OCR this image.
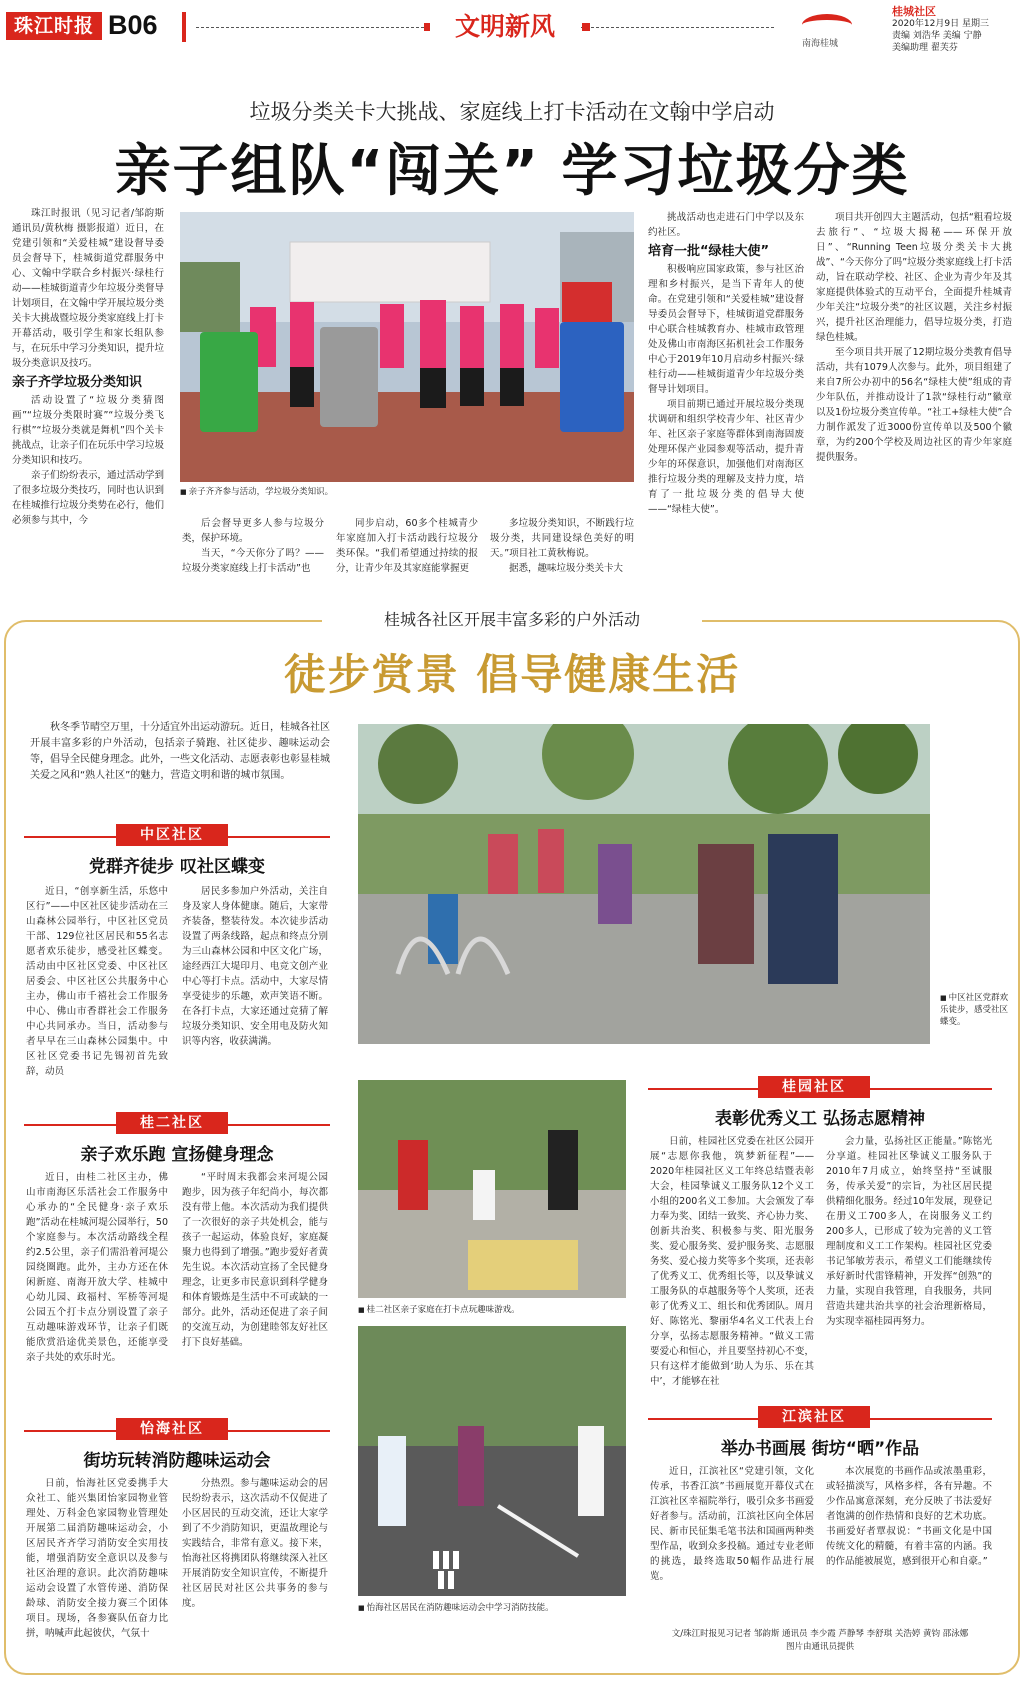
珠江时报 B06	文明新风
南海桂城
桂城社区
2020年12月9日 星期三
责编 刘浩华 美编 宁静
美编助理 翟芙芬
垃圾分类关卡大挑战、家庭线上打卡活动在文翰中学启动
亲子组队“闯关” 学习垃圾分类

珠江时报讯（见习记者/邹韵斯 通讯员/黄秋梅 摄影报道）近日，在党建引领和“关爱桂城”建设督导委员会督导下，桂城街道党群服务中心、文翰中学联合乡村振兴·绿桂行动——桂城街道青少年垃圾分类督导计划项目，在文翰中学开展垃圾分类关卡大挑战暨垃圾分类家庭线上打卡开幕活动，吸引学生和家长组队参与，在玩乐中学习分类知识，提升垃圾分类意识及技巧。

亲子齐学垃圾分类知识

活动设置了“垃圾分类猜图画”“垃圾分类限时赛”“垃圾分类飞行棋”“垃圾分类就是舞机”四个关卡挑战点，让亲子们在玩乐中学习垃圾分类知识和技巧。

亲子们纷纷表示，通过活动学到了很多垃圾分类技巧，同时也认识到在桂城推行垃圾分类势在必行，他们必须参与其中，今

■ 亲子齐齐参与活动，学垃圾分类知识。

后会督导更多人参与垃圾分类，保护环境。

当天，“今天你分了吗？——垃圾分类家庭线上打卡活动”也

同步启动，60多个桂城青少年家庭加入打卡活动践行垃圾分类环保。“我们希望通过持续的报分，让青少年及其家庭能掌握更

多垃圾分类知识，不断践行垃圾分类，共同建设绿色美好的明天。”项目社工黄秋梅说。

据悉，趣味垃圾分类关卡大

挑战活动也走进石门中学以及东约社区。

培育一批“绿桂大使”

积极响应国家政策，参与社区治理和乡村振兴，是当下青年人的使命。在党建引领和“关爱桂城”建设督导委员会督导下，桂城街道党群服务中心联合桂城教育办、桂城市政管理处及佛山市南海区拓机社会工作服务中心于2019年10月启动乡村振兴·绿桂行动——桂城街道青少年垃圾分类督导计划项目。

项目前期已通过开展垃圾分类现状调研和组织学校青少年、社区青少年、社区亲子家庭等群体到南海固废处理环保产业园参观等活动，提升青少年的环保意识，加强他们对南海区推行垃圾分类的理解及支持力度，培育了一批垃圾分类的倡导大使——“绿桂大使”。

项目共开创四大主题活动，包括“粗看垃圾去旅行”、“垃圾大揭秘——环保开放日”、“Running Teen垃圾分类关卡大挑战”、“今天你分了吗”垃圾分类家庭线上打卡活动，旨在联动学校、社区、企业为青少年及其家庭提供体验式的互动平台，全面提升桂城青少年关注“垃圾分类”的社区议题，关注乡村振兴，提升社区治理能力，倡导垃圾分类，打造绿色桂城。

至今项目共开展了12期垃圾分类教育倡导活动，共有1079人次参与。此外，项目组建了来自7所公办初中的56名“绿桂大使”组成的青少年队伍，并推动设计了1款“绿桂行动”徽章以及1份垃圾分类宣传单。“社工+绿桂大使”合力制作派发了近3000份宣传单以及500个徽章，为约200个学校及周边社区的青少年家庭提供服务。

桂城各社区开展丰富多彩的户外活动
徒步赏景 倡导健康生活
秋冬季节晴空万里，十分适宜外出运动游玩。近日，桂城各社区开展丰富多彩的户外活动，包括亲子骑跑、社区徒步、趣味运动会等，倡导全民健身理念。此外，一些文化活动、志愿表彰也彰显桂城关爱之风和“熟人社区”的魅力，营造文明和谐的城市氛围。
中区社区
党群齐徒步 叹社区蝶变

近日，“创享新生活，乐悠中区行”——中区社区徒步活动在三山森林公园举行，中区社区党员干部、129位社区居民和55名志愿者欢乐徒步，感受社区蝶变。活动由中区社区党委、中区社区居委会、中区社区公共服务中心主办，佛山市千禧社会工作服务中心、佛山市香群社会工作服务中心共同承办。当日，活动参与者早早在三山森林公园集中。中区社区党委书记先锡初首先致辞，动员

居民多参加户外活动，关注自身及家人身体健康。随后，大家带齐装备，整装待发。本次徒步活动设置了两条线路，起点和终点分别为三山森林公园和中区文化广场，途经西江大堤印月、电竞文创产业中心等打卡点。活动中，大家尽情享受徒步的乐趣，欢声笑语不断。在各打卡点，大家还通过竞猜了解垃圾分类知识、安全用电及防火知识等内容，收获满满。

■ 中区社区党群欢乐徒步，感受社区蝶变。
桂二社区
亲子欢乐跑 宣扬健身理念

近日，由桂二社区主办，佛山市南海区乐活社会工作服务中心承办的“全民健身·亲子欢乐跑”活动在桂城河堤公园举行，50个家庭参与。本次活动路线全程约2.5公里，亲子们需沿着河堤公园绕圈跑。此外，主办方还在休闲新庭、南海开放大学、桂城中心幼儿园、政福村、军桥等河堤公园五个打卡点分别设置了亲子互动趣味游戏环节，让亲子们既能欣赏沿途优美景色，还能享受亲子共处的欢乐时光。

“平时周末我都会来河堤公园跑步，因为孩子年纪尚小，每次都没有带上他。本次活动为我们提供了一次很好的亲子共处机会，能与孩子一起运动，体验良好，家庭凝聚力也得到了增强。”跑步爱好者黄先生说。本次活动宣扬了全民健身理念，让更多市民意识到科学健身和体育锻炼是生活中不可或缺的一部分。此外，活动还促进了亲子间的交流互动，为创建睦邻友好社区打下良好基础。

■ 桂二社区亲子家庭在打卡点玩趣味游戏。
怡海社区
街坊玩转消防趣味运动会

日前，怡海社区党委携手大众社工、能兴集团怡家园物业管理处、万科金色家园物业管理处开展第二届消防趣味运动会，小区居民齐齐学习消防安全实用技能，增强消防安全意识以及参与社区治理的意识。此次消防趣味运动会设置了水管传递、消防保龄球、消防安全接力赛三个团体项目。现场，各参赛队伍奋力比拼，呐喊声此起彼伏，气氛十

分热烈。参与趣味运动会的居民纷纷表示，这次活动不仅促进了小区居民的互动交流，还让大家学到了不少消防知识，更温故理论与实践结合，非常有意义。接下来，怡海社区将携团队将继续深入社区开展消防安全知识宣传，不断提升社区居民对社区公共事务的参与度。

■	怡海社区居民在消防趣味运动会中学习消防技能。
桂园社区
表彰优秀义工 弘扬志愿精神

日前，桂园社区党委在社区公园开展“志愿你我他，筑梦新征程”——2020年桂园社区义工年终总结暨表彰大会，桂园挚诚义工服务队12个义工小组的200名义工参加。大会颁发了奉力奉为奖、团结一致奖、齐心协力奖、创新共治奖、积极参与奖、阳光服务奖、爱心服务奖、爱护服务奖、志愿服务奖、爱心接力奖等多个奖项，还表彰了优秀义工、优秀组长等，以及挚诚义工服务队的卓越服务等个人奖项，还表彰了优秀义工、组长和优秀团队。周月好、陈铭光、黎丽华4名义工代表上台分享，弘扬志愿服务精神。“做义工需要爱心和恒心，并且要坚持初心不变，只有这样才能做到‘助人为乐、乐在其中’，才能够在社

会力量，弘扬社区正能量。”陈铭光分享道。桂园社区挚诚义工服务队于2010年7月成立，始终坚持“至诚服务，传承关爱”的宗旨，为社区居民提供精细化服务。经过10年发展，现登记在册义工700多人，在岗服务义工约200多人，已形成了较为完善的义工管理制度和义工工作架构。桂园社区党委书记邹敏芳表示，希望义工们能继续传承好新时代雷锋精神，开发挥“创熟”的力量，实现自我管理，自我服务，共同营造共建共治共享的社会治理新格局，为实现幸福桂园再努力。

江滨社区
举办书画展 街坊“晒”作品

近日，江滨社区“党建引领，文化传承，书香江滨”书画展览开幕仪式在江滨社区幸福院举行，吸引众多书画爱好者参与。活动前，江滨社区向全体居民、新市民征集毛笔书法和国画两种类型作品，收到众多投稿。通过专业老师的挑选，最终选取50幅作品进行展览。

本次展览的书画作品或浓墨重彩，或轻描淡写，风格多样，各有异趣。不少作品寓意深刻，充分反映了书法爱好者饱满的创作热情和良好的艺术功底。书画爱好者覃叔说：“书画文化是中国传统文化的精髓，有着丰富的内涵。我的作品能被展览，感到很开心和自豪。”

文/珠江时报见习记者 邹韵斯 通讯员 李少霞 芦静琴 李舒琪 关浩婷 黄钧 邵泳娜
图片由通讯员提供
